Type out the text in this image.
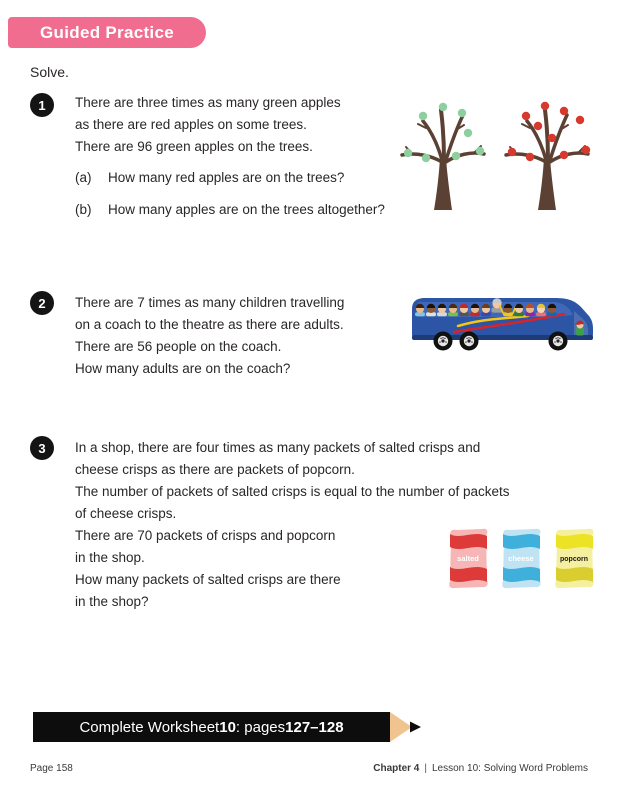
Guided Practice
Solve.
1	There are three times as many green apples
as there are red apples on some trees.
There are 96 green apples on the trees.
(a)	How many red apples are on the trees?
(b)	How many apples are on the trees altogether?
2	There are 7 times as many children travelling
on a coach to the theatre as there are adults.
There are 56 people on the coach.
How many adults are on the coach?
3	In a shop, there are four times as many packets of salted crisps and
cheese crisps as there are packets of popcorn.
The number of packets of salted crisps is equal to the number of packets
of cheese crisps.
There are 70 packets of crisps and popcorn
in the shop.
How many packets of salted crisps are there
in the shop?
salted	cheese	popcorn
Complete Worksheet 10 : pages 127–128
Page 158	Chapter 4 | Lesson 10: Solving Word Problems
